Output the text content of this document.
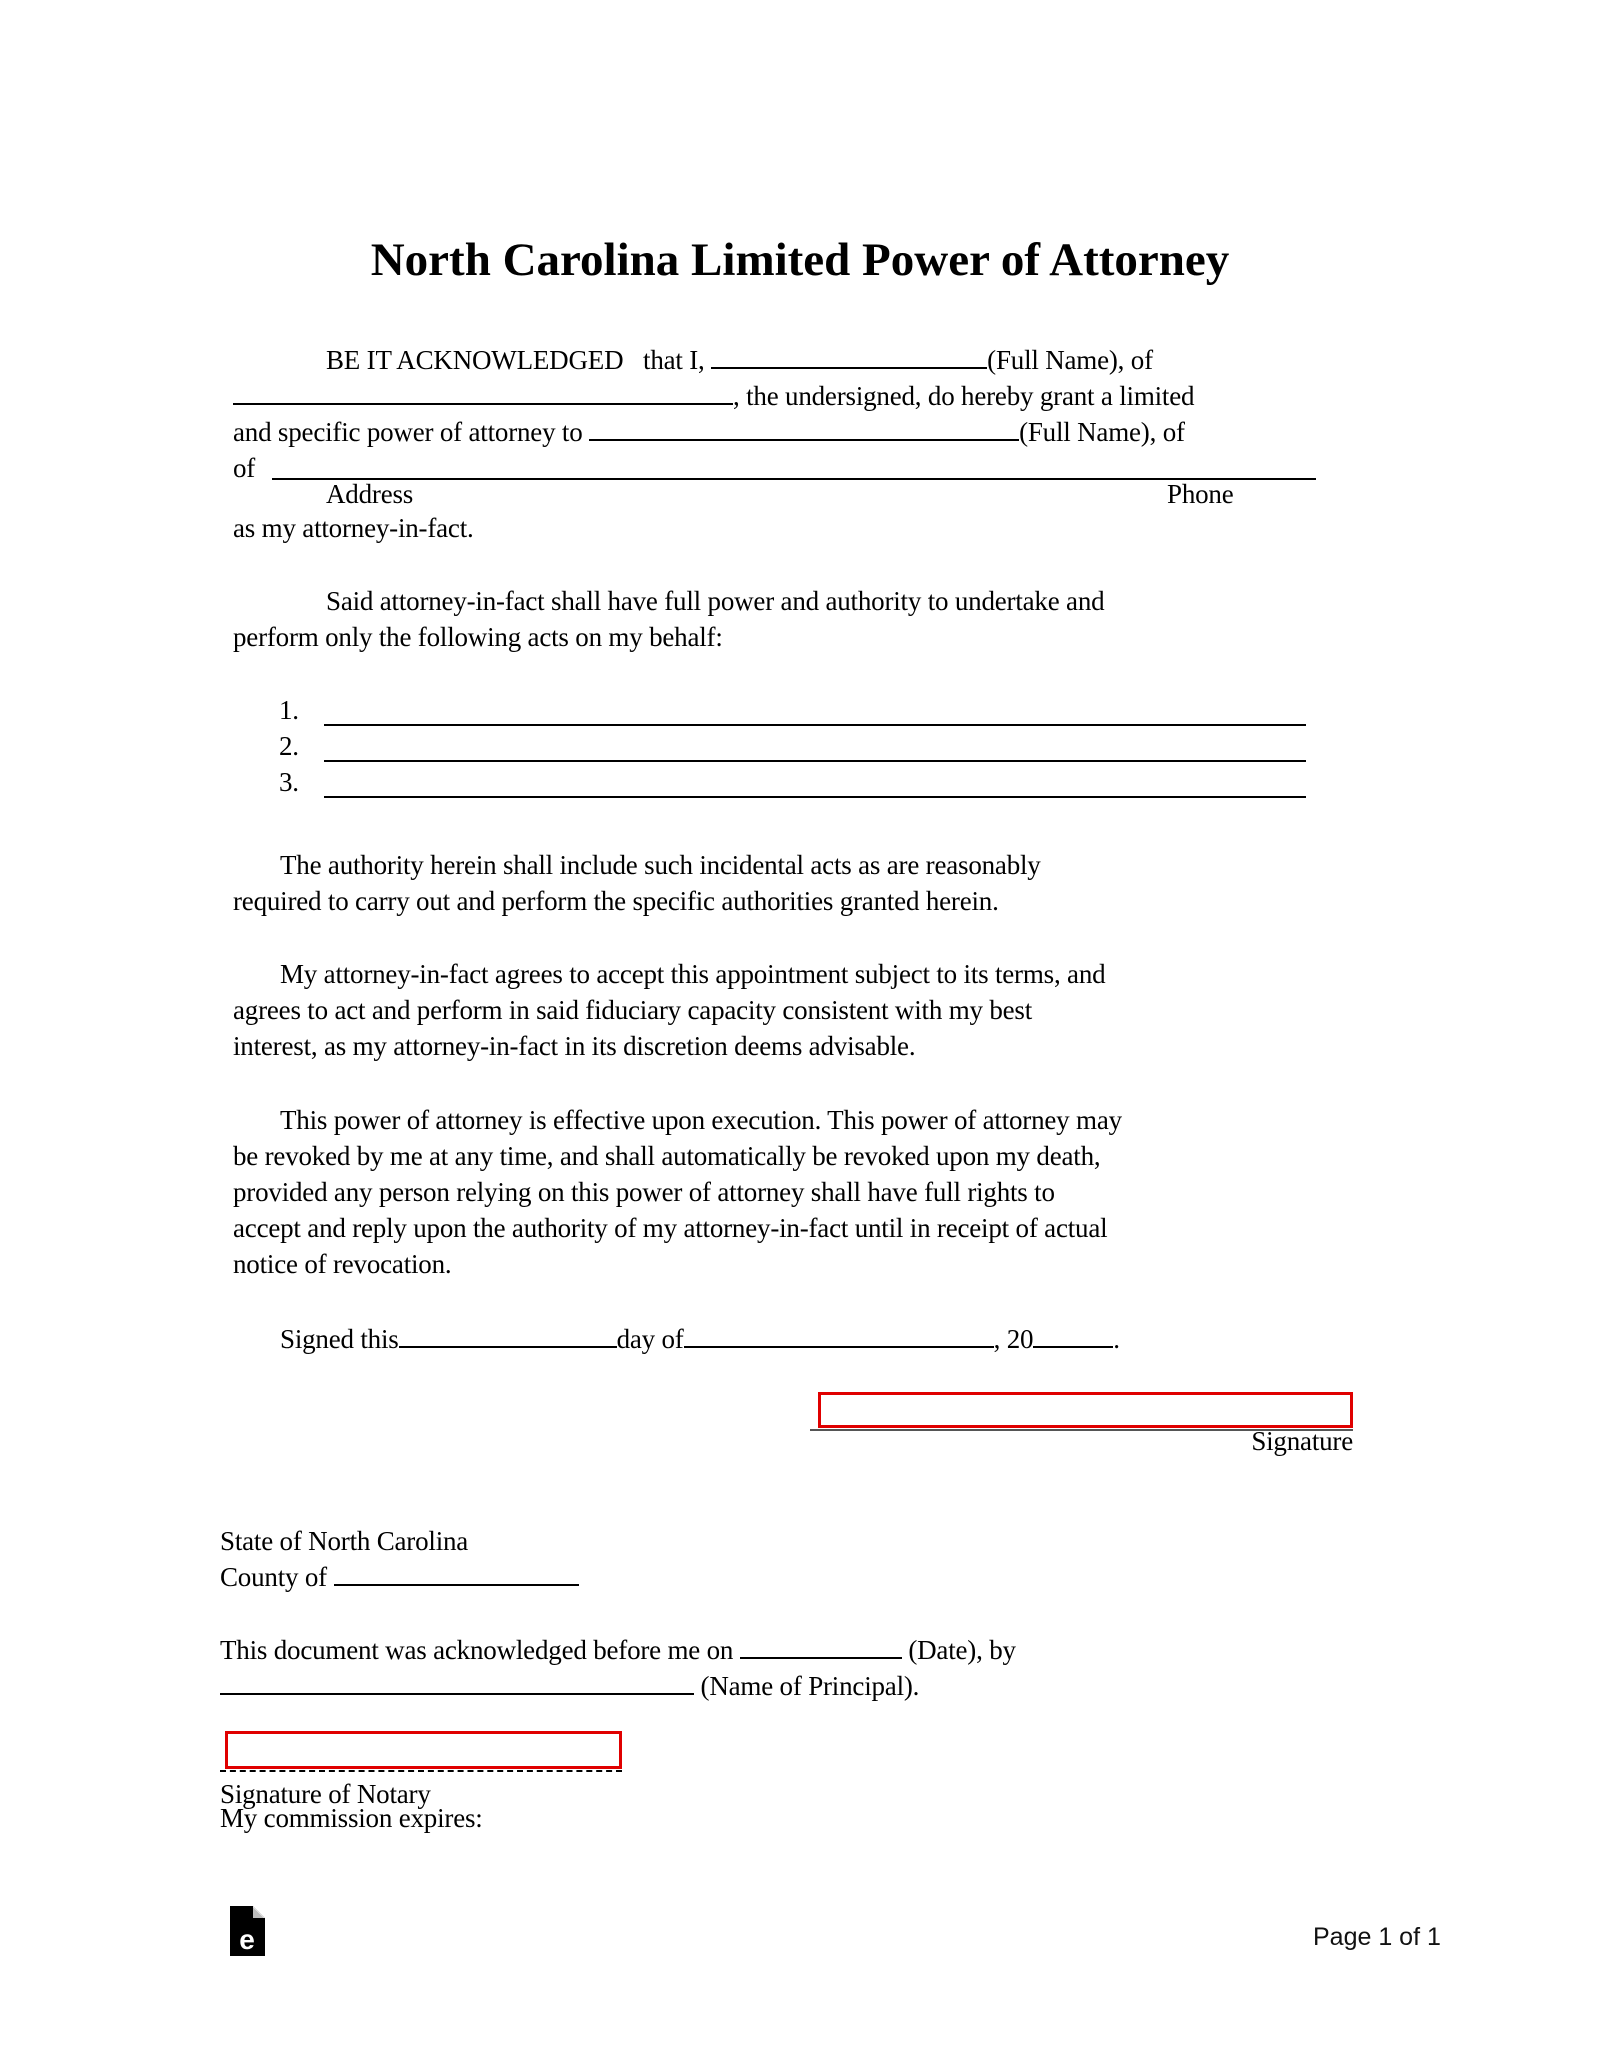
North Carolina Limited Power of Attorney
BE IT ACKNOWLEDGED   that I,	(Full Name), of
, the undersigned, do hereby grant a limited
and specific power of attorney to	(Full Name), of
of
Address	Phone
as my attorney-in-fact.
Said attorney-in-fact shall have full power and authority to undertake and
perform only the following acts on my behalf:
1.
2.
3.
The authority herein shall include such incidental acts as are reasonably
required to carry out and perform the specific authorities granted herein.
My attorney-in-fact agrees to accept this appointment subject to its terms, and
agrees to act and perform in said fiduciary capacity consistent with my best
interest, as my attorney-in-fact in its discretion deems advisable.
This power of attorney is effective upon execution. This power of attorney may
be revoked by me at any time, and shall automatically be revoked upon my death,
provided any person relying on this power of attorney shall have full rights to
accept and reply upon the authority of my attorney-in-fact until in receipt of actual
notice of revocation.
Signed this	day of	, 20	.
Signature
State of North Carolina
County of
This document was acknowledged before me on	(Date), by
(Name of Principal).
Signature of Notary
My commission expires:
e	Page 1 of 1
